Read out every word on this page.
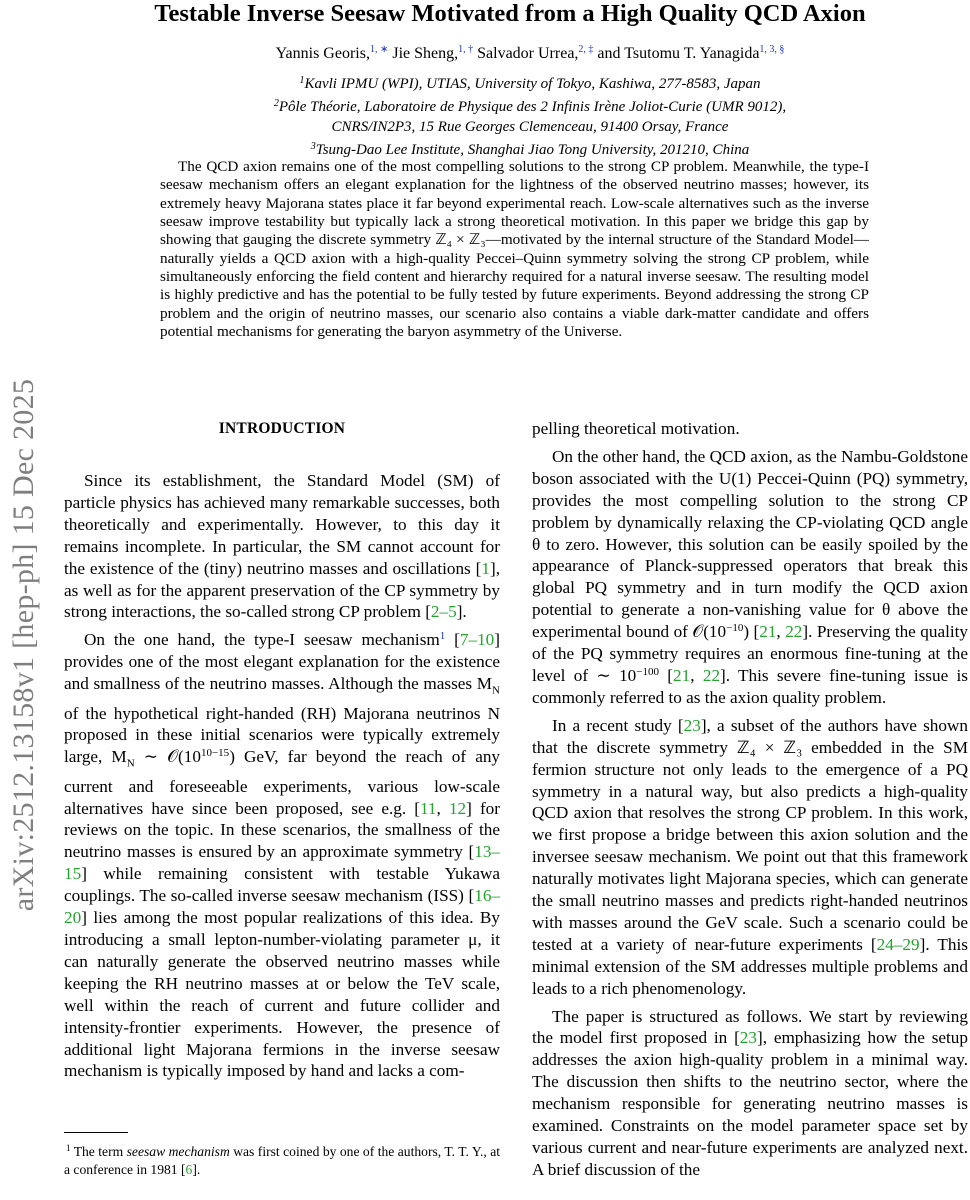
arXiv:2512.13158v1 [hep-ph] 15 Dec 2025
Testable Inverse Seesaw Motivated from a High Quality QCD Axion
Yannis Georis,$^{1, ∗}$ Jie Sheng,$^{1, \dagger}$ Salvador Urrea,$^{2, \ddagger}$ and Tsutomu T. Yanagida$^{1, 3, \S}$
$^1$Kavli IPMU (WPI), UTIAS, University of Tokyo, Kashiwa, 277-8583, Japan
$^2$Pôle Théorie, Laboratoire de Physique des 2 Infinis Irène Joliot-Curie (UMR 9012),
CNRS/IN2P3, 15 Rue Georges Clemenceau, 91400 Orsay, France
$^3$Tsung-Dao Lee Institute, Shanghai Jiao Tong University, 201210, China
The QCD axion remains one of the most compelling solutions to the strong CP problem. Meanwhile, the type-I seesaw mechanism offers an elegant explanation for the lightness of the observed neutrino masses; however, its extremely heavy Majorana states place it far beyond experimental reach. Low-scale alternatives such as the inverse seesaw improve testability but typically lack a strong theoretical motivation. In this paper we bridge this gap by showing that gauging the discrete symmetry ℤ₄ × ℤ₃—motivated by the internal structure of the Standard Model—naturally yields a QCD axion with a high-quality Peccei–Quinn symmetry solving the strong CP problem, while simultaneously enforcing the field content and hierarchy required for a natural inverse seesaw. The resulting model is highly predictive and has the potential to be fully tested by future experiments. Beyond addressing the strong CP problem and the origin of neutrino masses, our scenario also contains a viable dark-matter candidate and offers potential mechanisms for generating the baryon asymmetry of the Universe.
INTRODUCTION

Since its establishment, the Standard Model (SM) of particle physics has achieved many remarkable successes, both theoretically and experimentally. However, to this day it remains incomplete. In particular, the SM cannot account for the existence of the (tiny) neutrino masses and oscillations [1], as well as for the apparent preservation of the CP symmetry by strong interactions, the so-called strong CP problem [2–5].

On the one hand, the type-I seesaw mechanism$^1$ [7–10] provides one of the most elegant explanation for the existence and smallness of the neutrino masses. Although the masses $M_N$ of the hypothetical right-handed (RH) Majorana neutrinos N proposed in these initial scenarios were typically extremely large, $M_N$ ∼ $𝒪(10^{10-15})$ GeV, far beyond the reach of any current and foreseeable experiments, various low-scale alternatives have since been proposed, see e.g. [11, 12] for reviews on the topic. In these scenarios, the smallness of the neutrino masses is ensured by an approximate symmetry [13–15] while remaining consistent with testable Yukawa couplings. The so-called inverse seesaw mechanism (ISS) [16–20] lies among the most popular realizations of this idea. By introducing a small lepton-number-violating parameter μ, it can naturally generate the observed neutrino masses while keeping the RH neutrino masses at or below the TeV scale, well within the reach of current and future collider and intensity-frontier experiments. However, the presence of additional light Majorana fermions in the inverse seesaw mechanism is typically imposed by hand and lacks a com-

pelling theoretical motivation.

On the other hand, the QCD axion, as the Nambu-Goldstone boson associated with the U(1) Peccei-Quinn (PQ) symmetry, provides the most compelling solution to the strong CP problem by dynamically relaxing the CP-violating QCD angle θ to zero. However, this solution can be easily spoiled by the appearance of Planck-suppressed operators that break this global PQ symmetry and in turn modify the QCD axion potential to generate a non-vanishing value for θ above the experimental bound of $𝒪(10^{-10})$ [21, 22]. Preserving the quality of the PQ symmetry requires an enormous fine-tuning at the level of ∼ $10^{-100}$ [21, 22]. This severe fine-tuning issue is commonly referred to as the axion quality problem.

In a recent study [23], a subset of the authors have shown that the discrete symmetry ℤ₄ × ℤ₃ embedded in the SM fermion structure not only leads to the emergence of a PQ symmetry in a natural way, but also predicts a high-quality QCD axion that resolves the strong CP problem. In this work, we first propose a bridge between this axion solution and the inversee seesaw mechanism. We point out that this framework naturally motivates light Majorana species, which can generate the small neutrino masses and predicts right-handed neutrinos with masses around the GeV scale. Such a scenario could be tested at a variety of near-future experiments [24–29]. This minimal extension of the SM addresses multiple problems and leads to a rich phenomenology.

The paper is structured as follows. We start by reviewing the model first proposed in [23], emphasizing how the setup addresses the axion high-quality problem in a minimal way. The discussion then shifts to the neutrino sector, where the mechanism responsible for generating neutrino masses is examined. Constraints on the model parameter space set by various current and near-future experiments are analyzed next. A brief discussion of the

$^1$ The term seesaw mechanism was first coined by one of the authors, T. T. Y., at a conference in 1981 [6].
